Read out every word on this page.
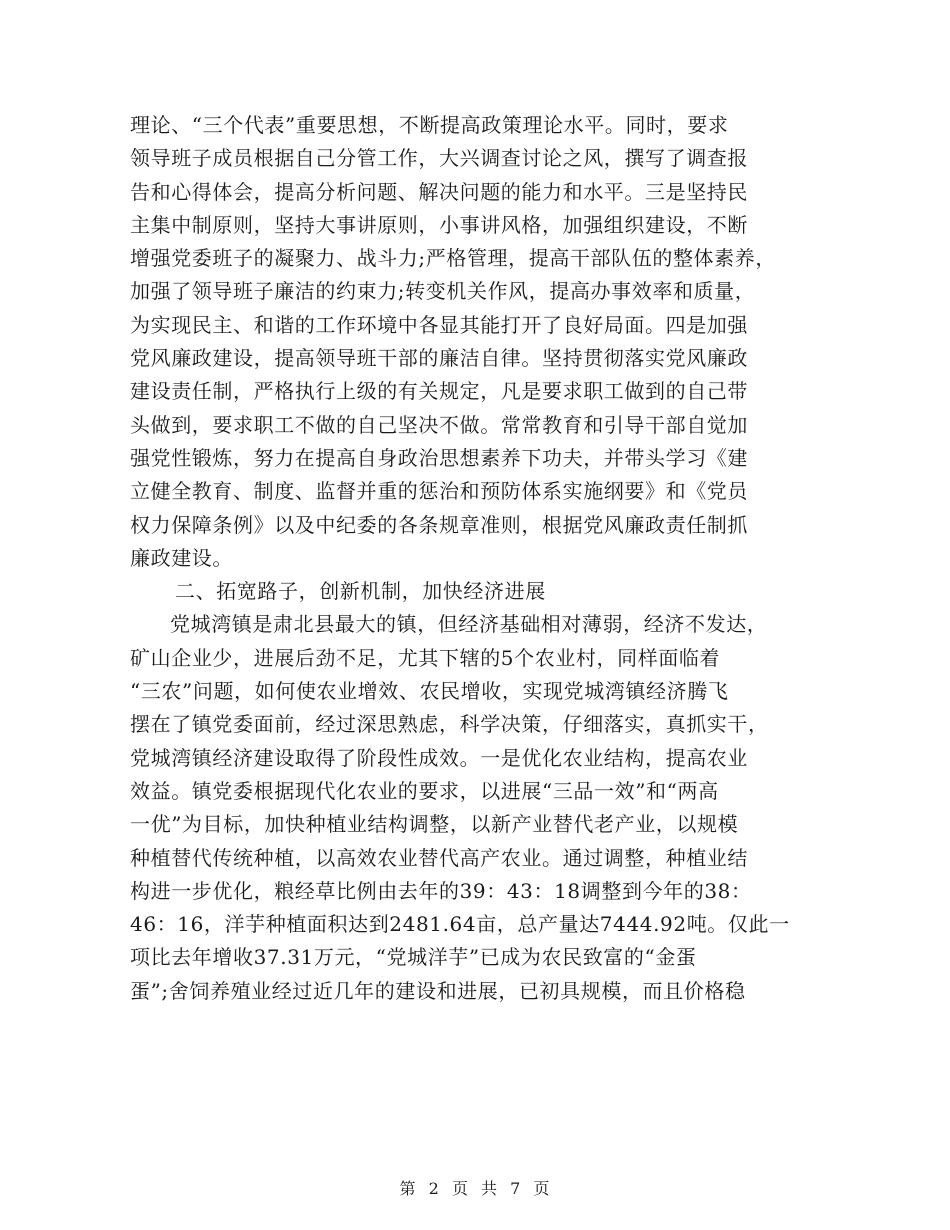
理论、“三个代表”重要思想，不断提高政策理论水平。同时，要求
领导班子成员根据自己分管工作，大兴调查讨论之风，撰写了调查报
告和心得体会，提高分析问题、解决问题的能力和水平。三是坚持民
主集中制原则，坚持大事讲原则，小事讲风格，加强组织建设，不断
增强党委班子的凝聚力、战斗力;严格管理，提高干部队伍的整体素养，
加强了领导班子廉洁的约束力;转变机关作风，提高办事效率和质量，
为实现民主、和谐的工作环境中各显其能打开了良好局面。四是加强
党风廉政建设，提高领导班干部的廉洁自律。坚持贯彻落实党风廉政
建设责任制，严格执行上级的有关规定，凡是要求职工做到的自己带
头做到，要求职工不做的自己坚决不做。常常教育和引导干部自觉加
强党性锻炼，努力在提高自身政治思想素养下功夫，并带头学习《建
立健全教育、制度、监督并重的惩治和预防体系实施纲要》和《党员
权力保障条例》以及中纪委的各条规章准则，根据党风廉政责任制抓
廉政建设。
二、拓宽路子，创新机制，加快经济进展
党城湾镇是肃北县最大的镇，但经济基础相对薄弱，经济不发达，
矿山企业少，进展后劲不足，尤其下辖的5个农业村，同样面临着
“三农”问题，如何使农业增效、农民增收，实现党城湾镇经济腾飞
摆在了镇党委面前，经过深思熟虑，科学决策，仔细落实，真抓实干，
党城湾镇经济建设取得了阶段性成效。一是优化农业结构，提高农业
效益。镇党委根据现代化农业的要求，以进展“三品一效”和“两高
一优”为目标，加快种植业结构调整，以新产业替代老产业，以规模
种植替代传统种植，以高效农业替代高产农业。通过调整，种植业结
构进一步优化，粮经草比例由去年的39：43：18调整到今年的38：
46：16，洋芋种植面积达到2481.64亩，总产量达7444.92吨。仅此一
项比去年增收37.31万元，“党城洋芋”已成为农民致富的“金蛋
蛋”;舍饲养殖业经过近几年的建设和进展，已初具规模，而且价格稳
第 2 页 共 7 页
